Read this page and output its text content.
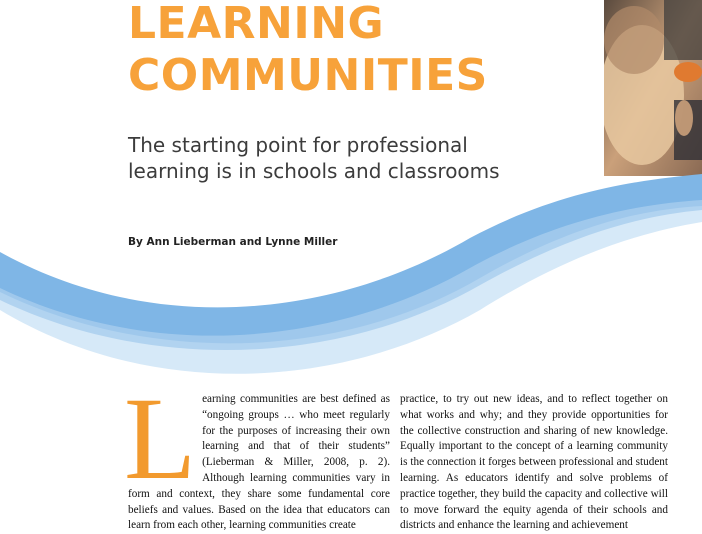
LEARNING
COMMUNITIES
The starting point for professional learning is in schools and classrooms

By Ann Lieberman and Lynne Miller

L earning communities are best defined as “ongoing groups … who meet regularly for the purposes of increasing their own learning and that of their students” (Lieberman & Miller, 2008, p. 2). Although learning communities vary in form and context, they share some fundamental core beliefs and values. Based on the idea that educators can learn from each other, learning communities create

practice, to try out new ideas, and to reflect together on what works and why; and they provide opportunities for the collective construction and sharing of new knowledge. Equally important to the concept of a learning community is the connection it forges between professional and student learning. As educators identify and solve problems of practice together, they build the capacity and collective will to move forward the equity agenda of their schools and districts and enhance the learning and achievement
